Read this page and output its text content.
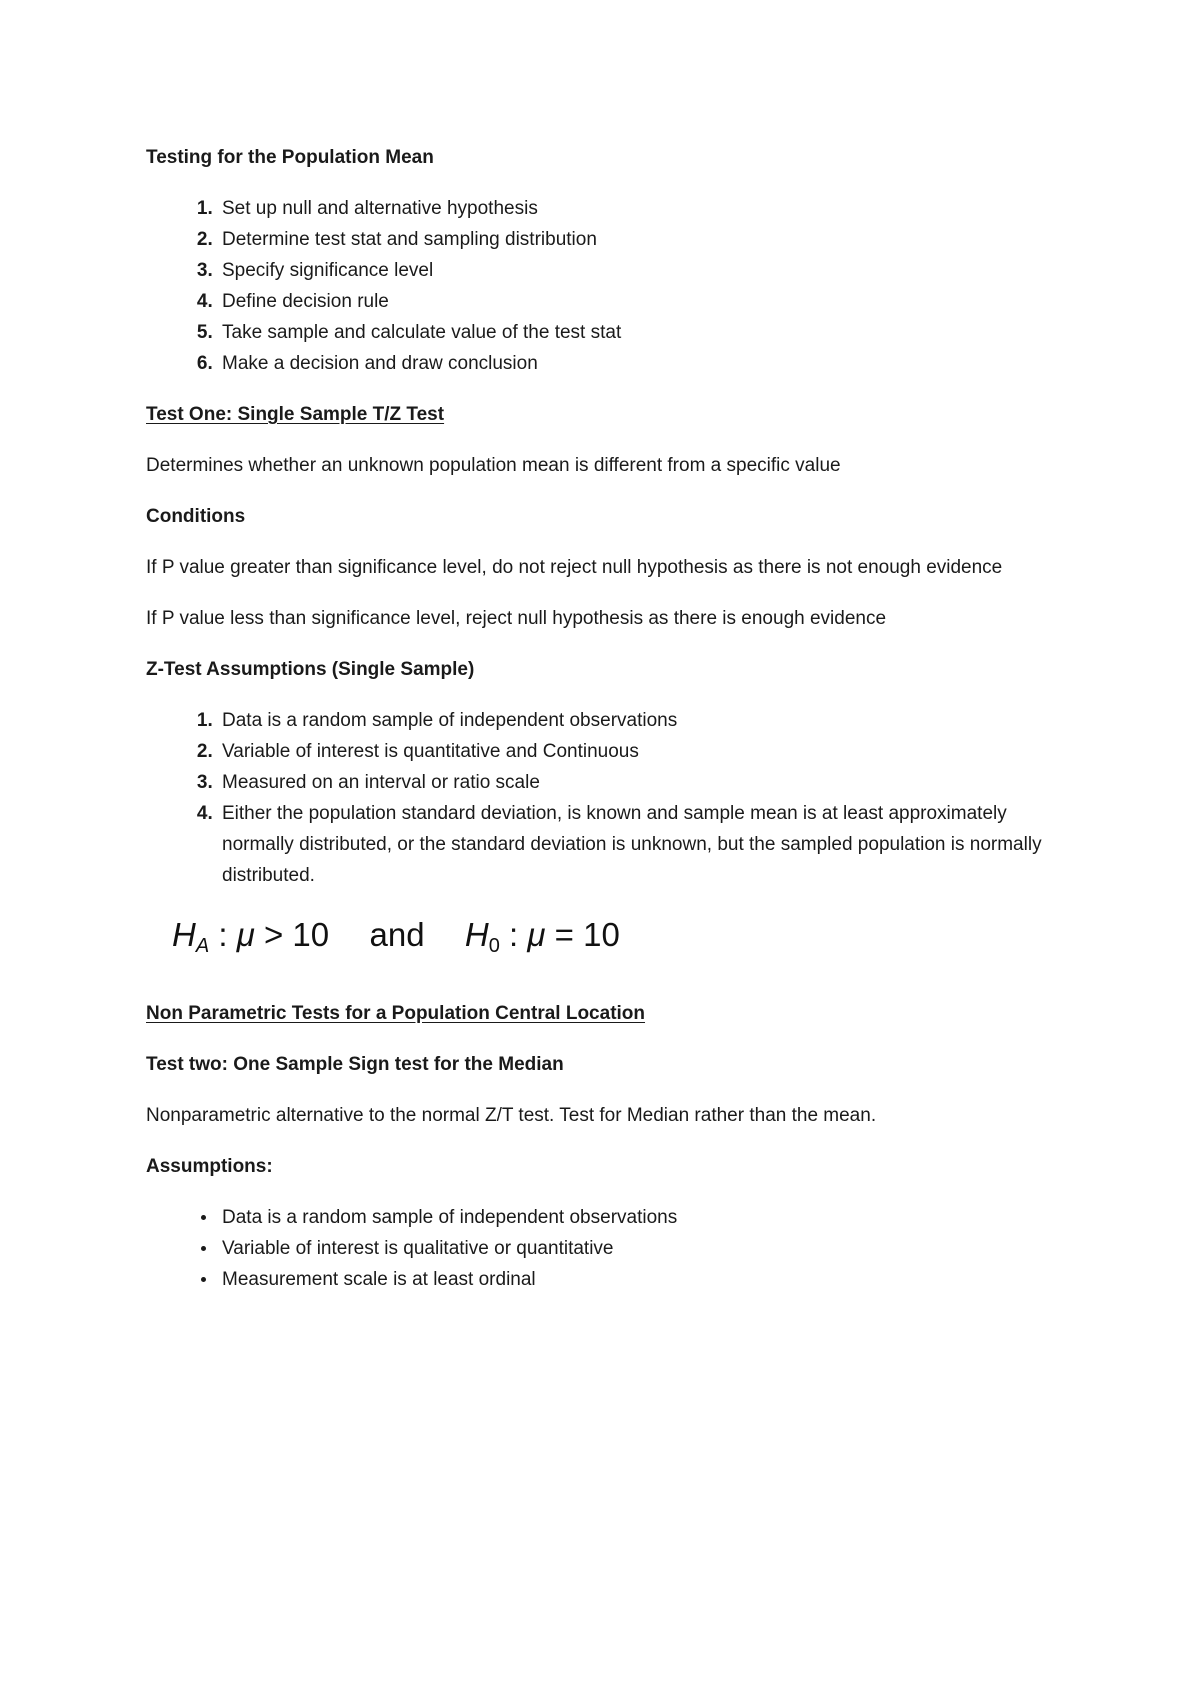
Testing for the Population Mean
1. Set up null and alternative hypothesis
2. Determine test stat and sampling distribution
3. Specify significance level
4. Define decision rule
5. Take sample and calculate value of the test stat
6. Make a decision and draw conclusion
Test One: Single Sample T/Z Test
Determines whether an unknown population mean is different from a specific value
Conditions
If P value greater than significance level, do not reject null hypothesis as there is not enough evidence
If P value less than significance level, reject null hypothesis as there is enough evidence
Z-Test Assumptions (Single Sample)
1. Data is a random sample of independent observations
2. Variable of interest is quantitative and Continuous
3. Measured on an interval or ratio scale
4. Either the population standard deviation, is known and sample mean is at least approximately normally distributed, or the standard deviation is unknown, but the sampled population is normally distributed.
$H_A$ : μ > 10 and $H_0$ : μ = 10
Non Parametric Tests for a Population Central Location
Test two: One Sample Sign test for the Median
Nonparametric alternative to the normal Z/T test. Test for Median rather than the mean.
Assumptions:
• Data is a random sample of independent observations
• Variable of interest is qualitative or quantitative
• Measurement scale is at least ordinal
